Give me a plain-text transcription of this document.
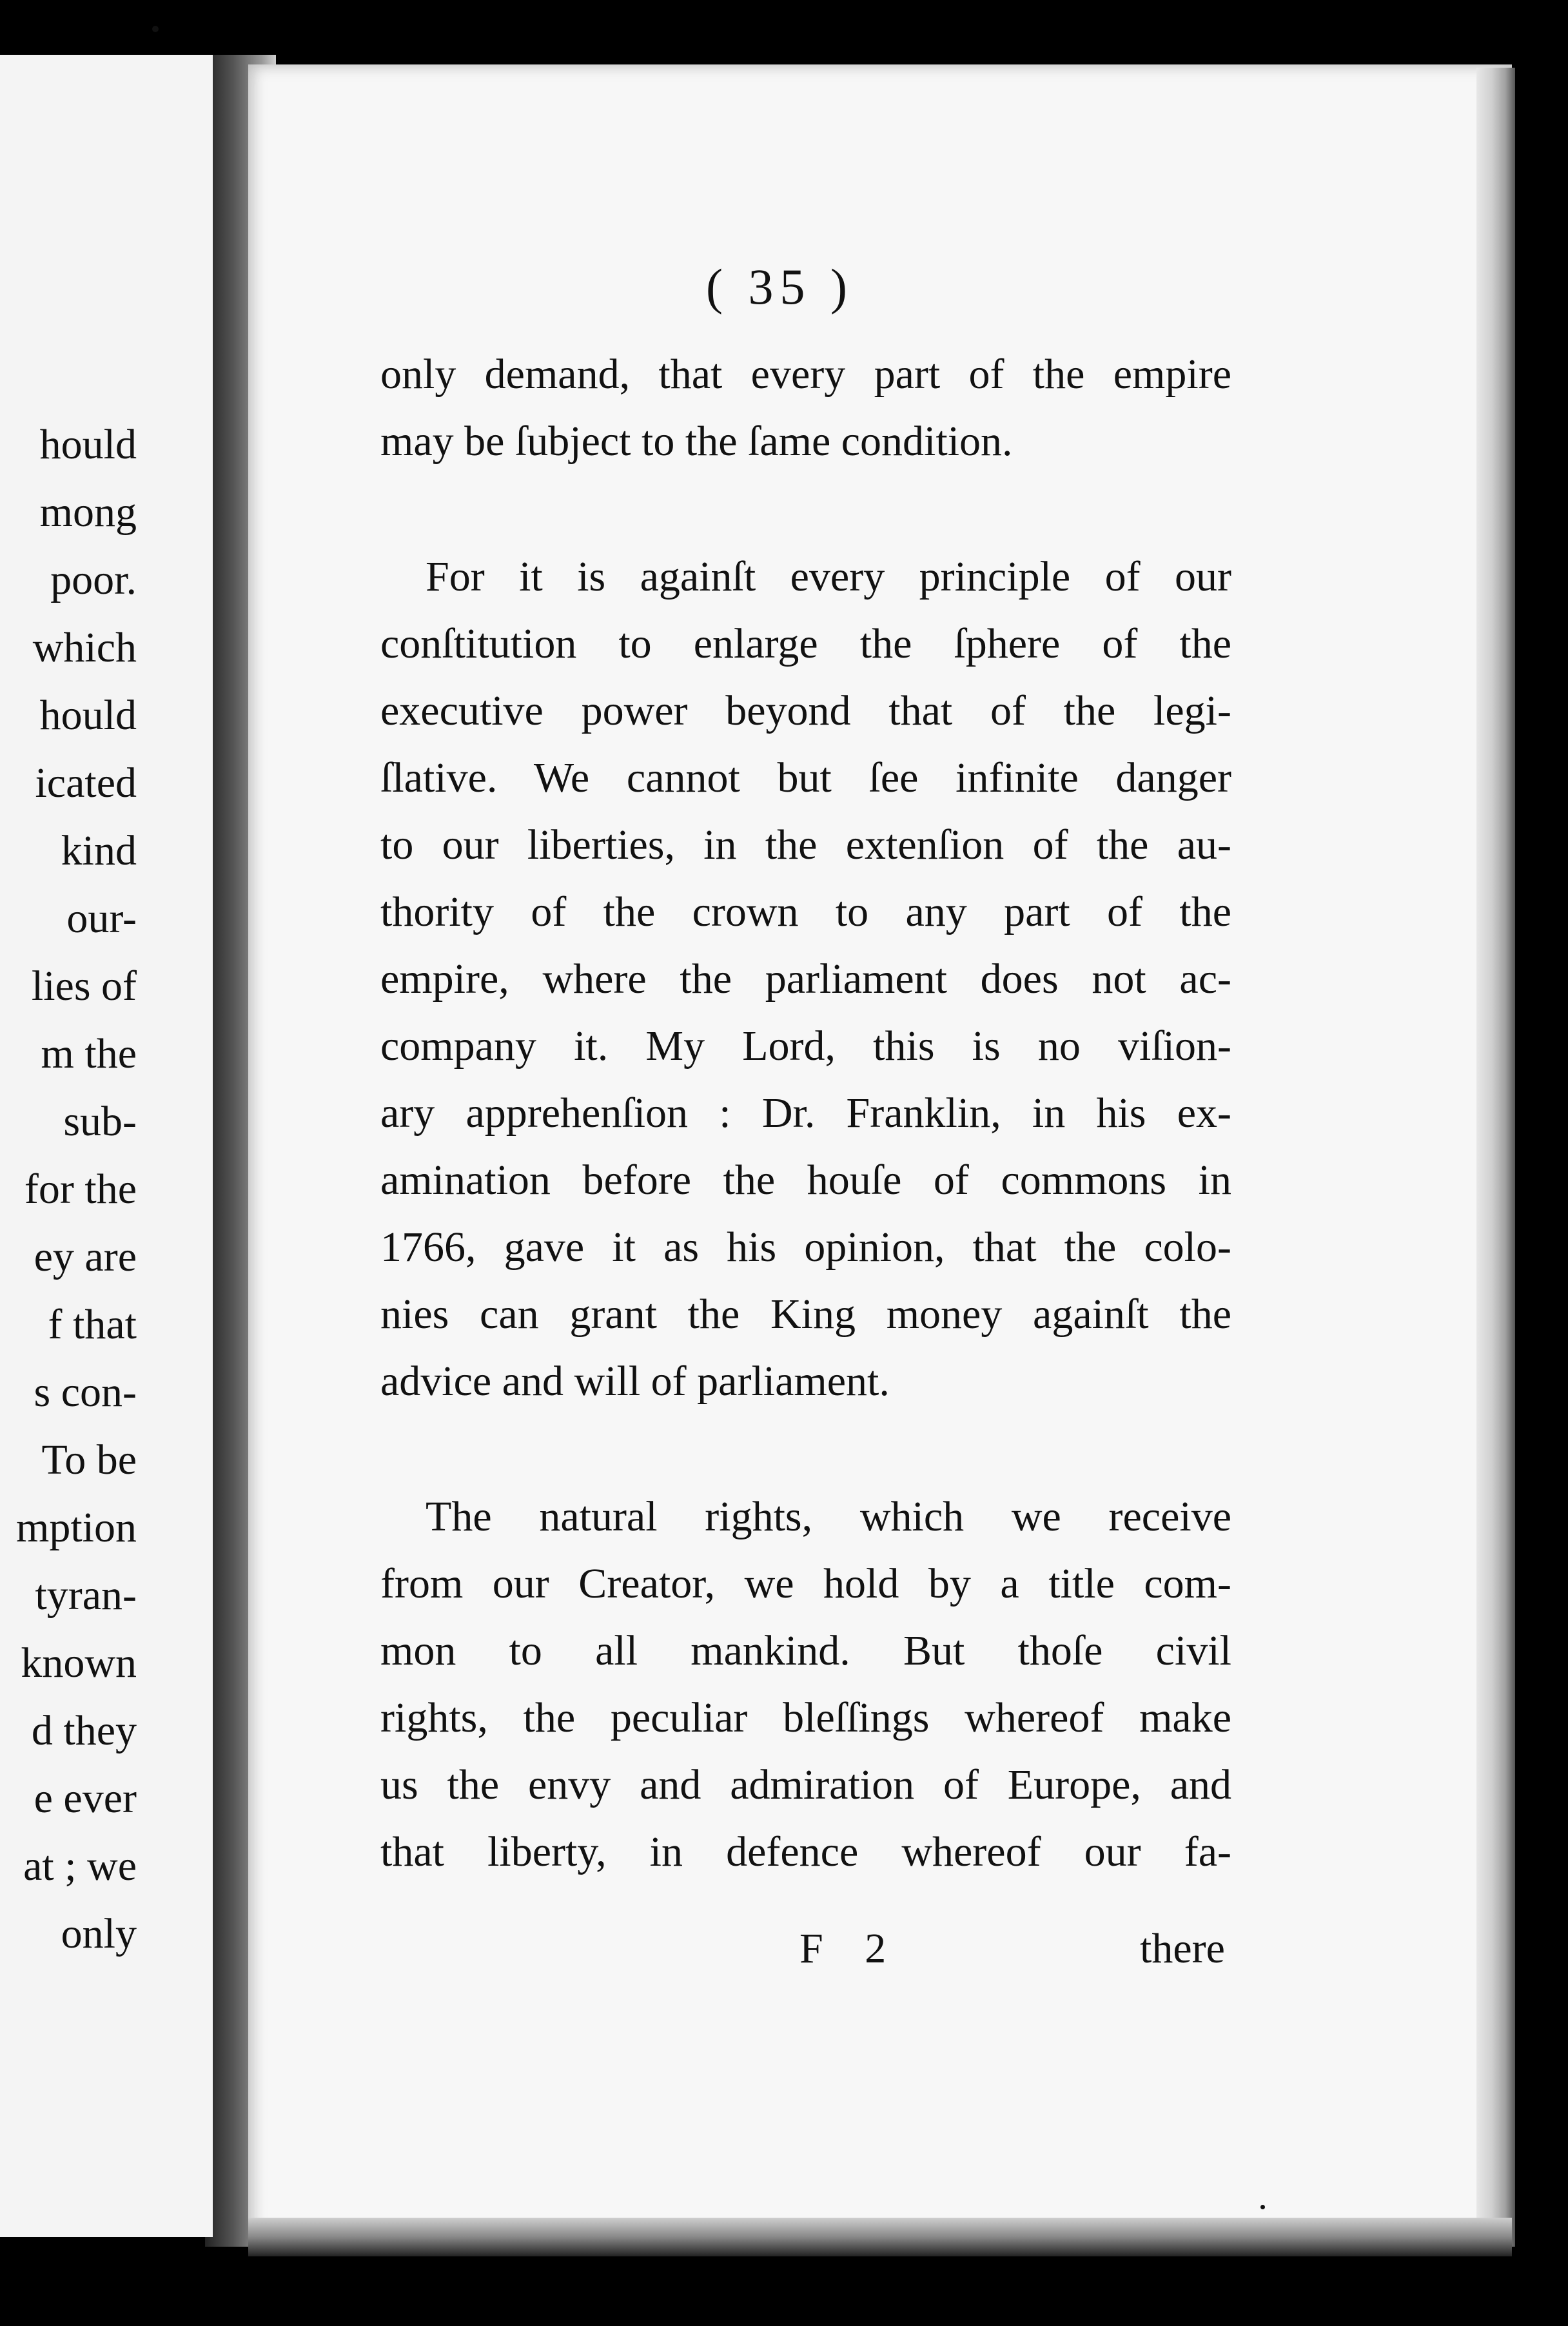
hould
mong
poor.
which
hould
icated
kind
our-
lies of
m the
sub-
for the
ey are
f that
s con-
To be
mption
tyran-
known
d they
e ever
at ; we
only
( 35 )
only demand, that every part of the empire
may be ſubject to the ſame condition.
For it is againſt every principle of our
conſtitution to enlarge the ſphere of the
executive power beyond that of the legi-
ſlative. We cannot but ſee infinite danger
to our liberties, in the extenſion of the au-
thority of the crown to any part of the
empire, where the parliament does not ac-
company it. My Lord, this is no viſion-
ary apprehenſion : Dr. Franklin, in his ex-
amination before the houſe of commons in
1766, gave it as his opinion, that the colo-
nies can grant the King money againſt the
advice and will of parliament.
The natural rights, which we receive
from our Creator, we hold by a title com-
mon to all mankind. But thoſe civil
rights, the peculiar bleſſings whereof make
us the envy and admiration of Europe, and
that liberty, in defence whereof our fa-
F 2	there
